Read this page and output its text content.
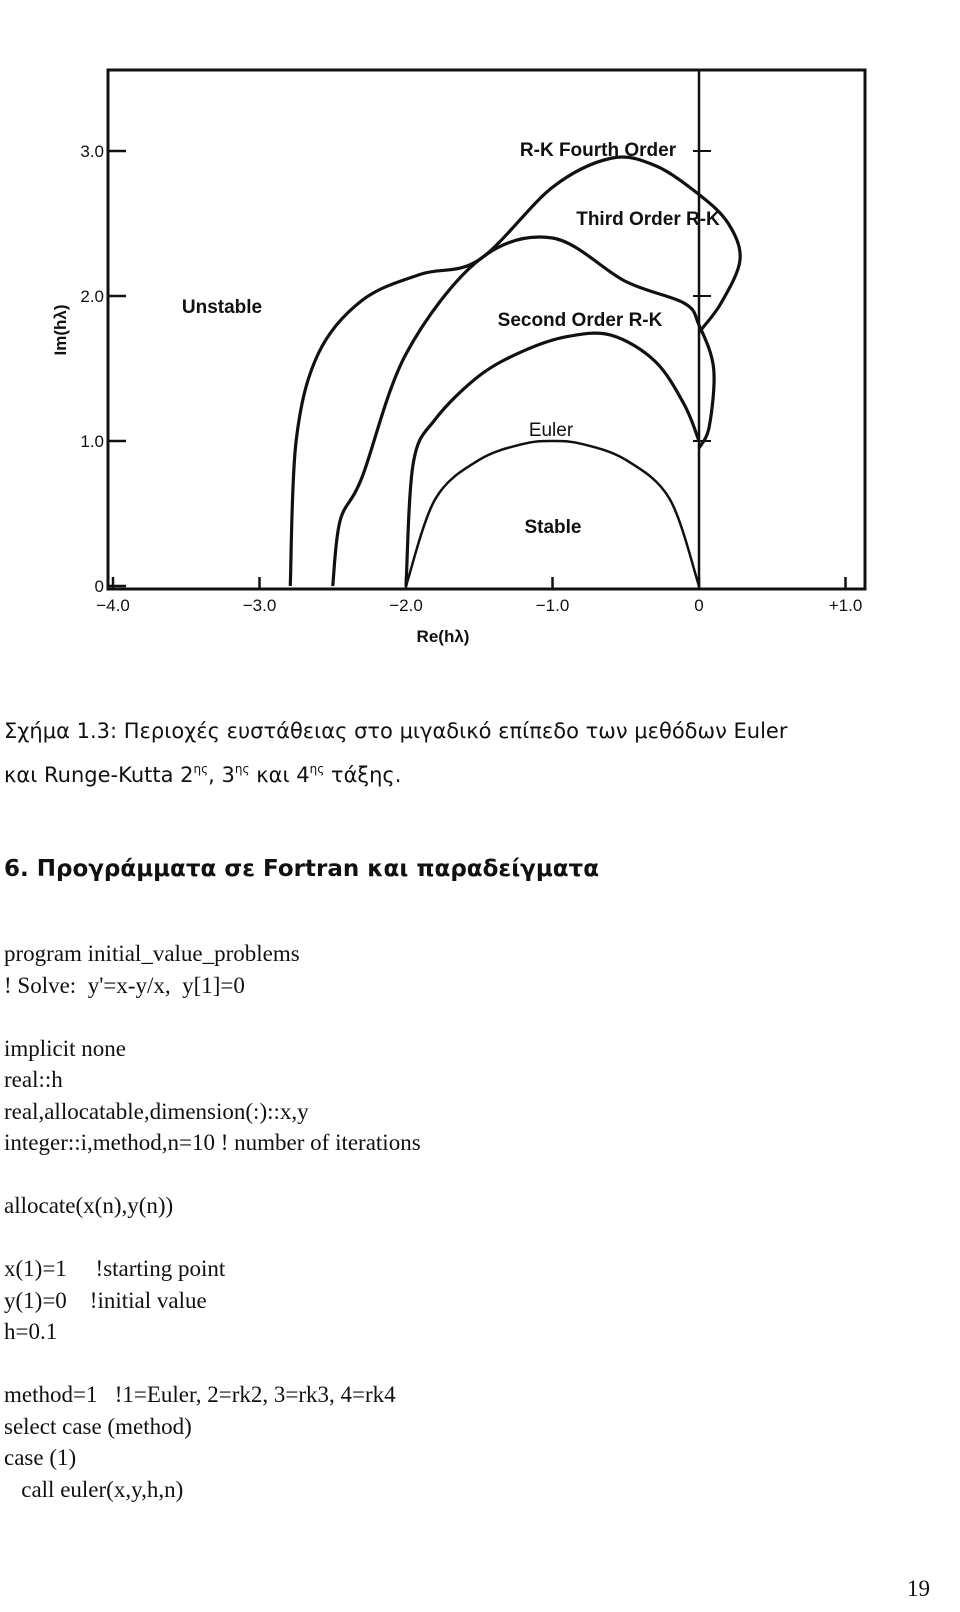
−4.0	−3.0	−2.0	−1.0	0	+1.0
0
1.0
2.0
3.0
Re(hλ)
Im(hλ)
Euler
Second Order R-K
Third Order R-K
R-K Fourth Order
Unstable
Stable
Σχήμα 1.3: Περιοχές ευστάθειας στο μιγαδικό επίπεδο των μεθόδων Euler
και Runge-Kutta $2^{\eta\varsigma}$, $3^{\eta\varsigma}$ και $4^{\eta\varsigma}$ τάξης.
6. Προγράμματα σε Fortran και παραδείγματα
program initial_value_problems
! Solve:  y'=x-y/x,  y[1]=0
implicit none
real::h
real,allocatable,dimension(:)::x,y
integer::i,method,n=10 ! number of iterations
allocate(x(n),y(n))
x(1)=1     !starting point
y(1)=0    !initial value
h=0.1
method=1   !1=Euler, 2=rk2, 3=rk3, 4=rk4
select case (method)
case (1)
call euler(x,y,h,n)
19
